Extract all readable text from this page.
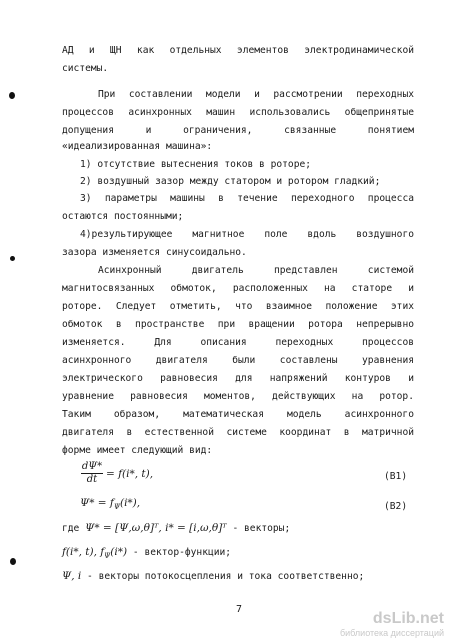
АД и ЩН как отдельных элементов электродинамической
системы.
При составлении модели и рассмотрении переходных
процессов асинхронных машин использовались общепринятые
допущения и ограничения, связанные понятием
«идеализированная машина»:
1) отсутствие вытеснения токов в роторе;
2) воздушный зазор между статором и ротором гладкий;
3) параметры машины в течение переходного процесса
остаются постоянными;
4)результирующее магнитное поле вдоль воздушного
зазора изменяется синусоидально.
Асинхронный двигатель представлен системой
магнитосвязанных обмоток, расположенных на статоре и
роторе. Следует отметить, что взаимное положение этих
обмоток в пространстве при вращении ротора непрерывно
изменяется. Для описания переходных процессов
асинхронного двигателя были составлены уравнения
электрического равновесия для напряжений контуров и
уравнение равновесия моментов, действующих на ротор.
Таким образом, математическая модель асинхронного
двигателя в естественной системе координат в матричной
форме имеет следующий вид:
dΨ*
dt = f(i*, t),	(В1)
$\Psi* = f_\Psi(i*)$,	(В2)
где Ψ* = [Ψ,ω,θ]ᵀ, i* = [i,ω,θ]ᵀ - векторы;
f(i*, t), $f_\Psi(i*)$ - вектор-функции;
Ψ, i - векторы потокосцепления и тока соответственно;
7
dsLib.net
библиотека диссертаций
